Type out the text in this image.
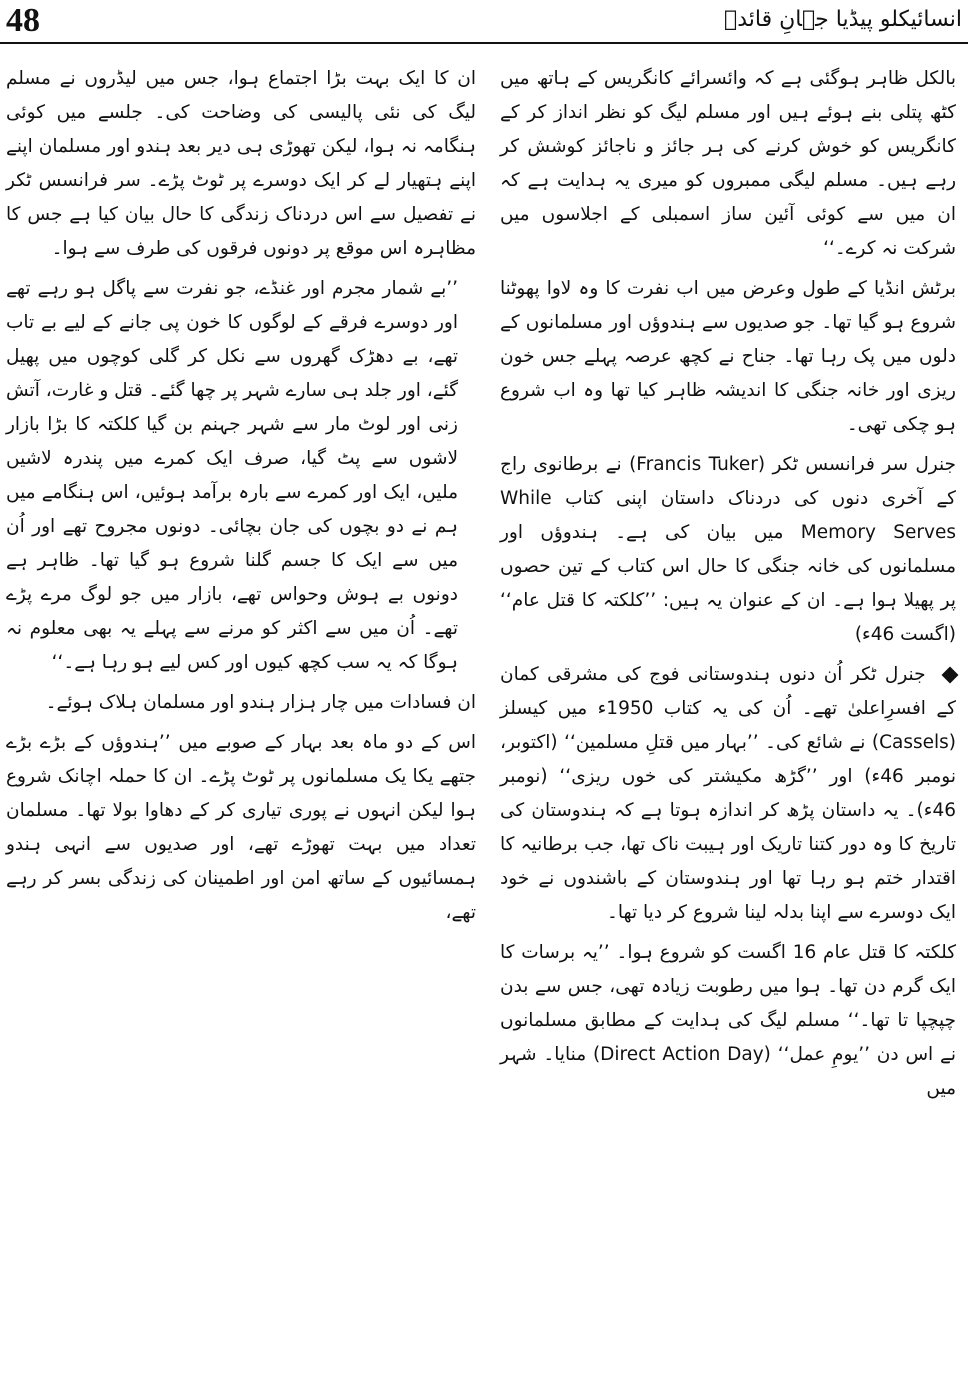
48	انسائیکلو پیڈیا جہانِ قائدؒ

بالکل ظاہر ہوگئی ہے کہ وائسرائے کانگریس کے ہاتھ میں کٹھ پتلی بنے ہوئے ہیں اور مسلم لیگ کو نظر انداز کر کے کانگریس کو خوش کرنے کی ہر جائز و ناجائز کوشش کر رہے ہیں۔ مسلم لیگی ممبروں کو میری یہ ہدایت ہے کہ ان میں سے کوئی آئین ساز اسمبلی کے اجلاسوں میں شرکت نہ کرے۔‘‘

برٹش انڈیا کے طول وعرض میں اب نفرت کا وہ لاوا پھوٹنا شروع ہو گیا تھا۔ جو صدیوں سے ہندوؤں اور مسلمانوں کے دلوں میں پک رہا تھا۔ جناح نے کچھ عرصہ پہلے جس خون ریزی اور خانہ جنگی کا اندیشہ ظاہر کیا تھا وہ اب شروع ہو چکی تھی۔

جنرل سر فرانسس ٹکر (Francis Tuker) نے برطانوی راج کے آخری دنوں کی دردناک داستان اپنی کتاب While Memory Serves میں بیان کی ہے۔ ہندوؤں اور مسلمانوں کی خانہ جنگی کا حال اس کتاب کے تین حصوں پر پھیلا ہوا ہے۔ ان کے عنوان یہ ہیں: ’’کلکتہ کا قتل عام‘‘ (اگست 46ء)

جنرل ٹکر اُن دنوں ہندوستانی فوج کی مشرقی کمان کے افسرِاعلیٰ تھے۔ اُن کی یہ کتاب 1950ء میں کیسلز (Cassels) نے شائع کی۔ ’’بہار میں قتلِ مسلمین‘‘ (اکتوبر، نومبر 46ء) اور ’’گڑھ مکیشتر کی خوں ریزی‘‘ (نومبر 46ء)۔ یہ داستان پڑھ کر اندازہ ہوتا ہے کہ ہندوستان کی تاریخ کا وہ دور کتنا تاریک اور ہیبت ناک تھا، جب برطانیہ کا اقتدار ختم ہو رہا تھا اور ہندوستان کے باشندوں نے خود ایک دوسرے سے اپنا بدلہ لینا شروع کر دیا تھا۔

کلکتہ کا قتل عام 16 اگست کو شروع ہوا۔ ’’یہ برسات کا ایک گرم دن تھا۔ ہوا میں رطوبت زیادہ تھی، جس سے بدن چپچپا تا تھا۔‘‘ مسلم لیگ کی ہدایت کے مطابق مسلمانوں نے اس دن ’’یومِ عمل‘‘ (Direct Action Day) منایا۔ شہر میں

ان کا ایک بہت بڑا اجتماع ہوا، جس میں لیڈروں نے مسلم لیگ کی نئی پالیسی کی وضاحت کی۔ جلسے میں کوئی ہنگامہ نہ ہوا، لیکن تھوڑی ہی دیر بعد ہندو اور مسلمان اپنے اپنے ہتھیار لے کر ایک دوسرے پر ٹوٹ پڑے۔ سر فرانسس ٹکر نے تفصیل سے اس دردناک زندگی کا حال بیان کیا ہے جس کا مظاہرہ اس موقع پر دونوں فرقوں کی طرف سے ہوا۔

’’بے شمار مجرم اور غنڈے، جو نفرت سے پاگل ہو رہے تھے اور دوسرے فرقے کے لوگوں کا خون پی جانے کے لیے بے تاب تھے، بے دھڑک گھروں سے نکل کر گلی کوچوں میں پھیل گئے، اور جلد ہی سارے شہر پر چھا گئے۔ قتل و غارت، آتش زنی اور لوٹ مار سے شہر جہنم بن گیا کلکتہ کا بڑا بازار لاشوں سے پٹ گیا، صرف ایک کمرے میں پندرہ لاشیں ملیں، ایک اور کمرے سے بارہ برآمد ہوئیں، اس ہنگامے میں ہم نے دو بچوں کی جان بچائی۔ دونوں مجروح تھے اور اُن میں سے ایک کا جسم گلنا شروع ہو گیا تھا۔ ظاہر ہے دونوں بے ہوش وحواس تھے، بازار میں جو لوگ مرے پڑے تھے۔ اُن میں سے اکثر کو مرنے سے پہلے یہ بھی معلوم نہ ہوگا کہ یہ سب کچھ کیوں اور کس لیے ہو رہا ہے۔‘‘

ان فسادات میں چار ہزار ہندو اور مسلمان ہلاک ہوئے۔

اس کے دو ماہ بعد بہار کے صوبے میں ’’ہندوؤں کے بڑے بڑے جتھے یکا یک مسلمانوں پر ٹوٹ پڑے۔ ان کا حملہ اچانک شروع ہوا لیکن انہوں نے پوری تیاری کر کے دھاوا بولا تھا۔ مسلمان تعداد میں بہت تھوڑے تھے، اور صدیوں سے انہی ہندو ہمسائیوں کے ساتھ امن اور اطمینان کی زندگی بسر کر رہے تھے،
